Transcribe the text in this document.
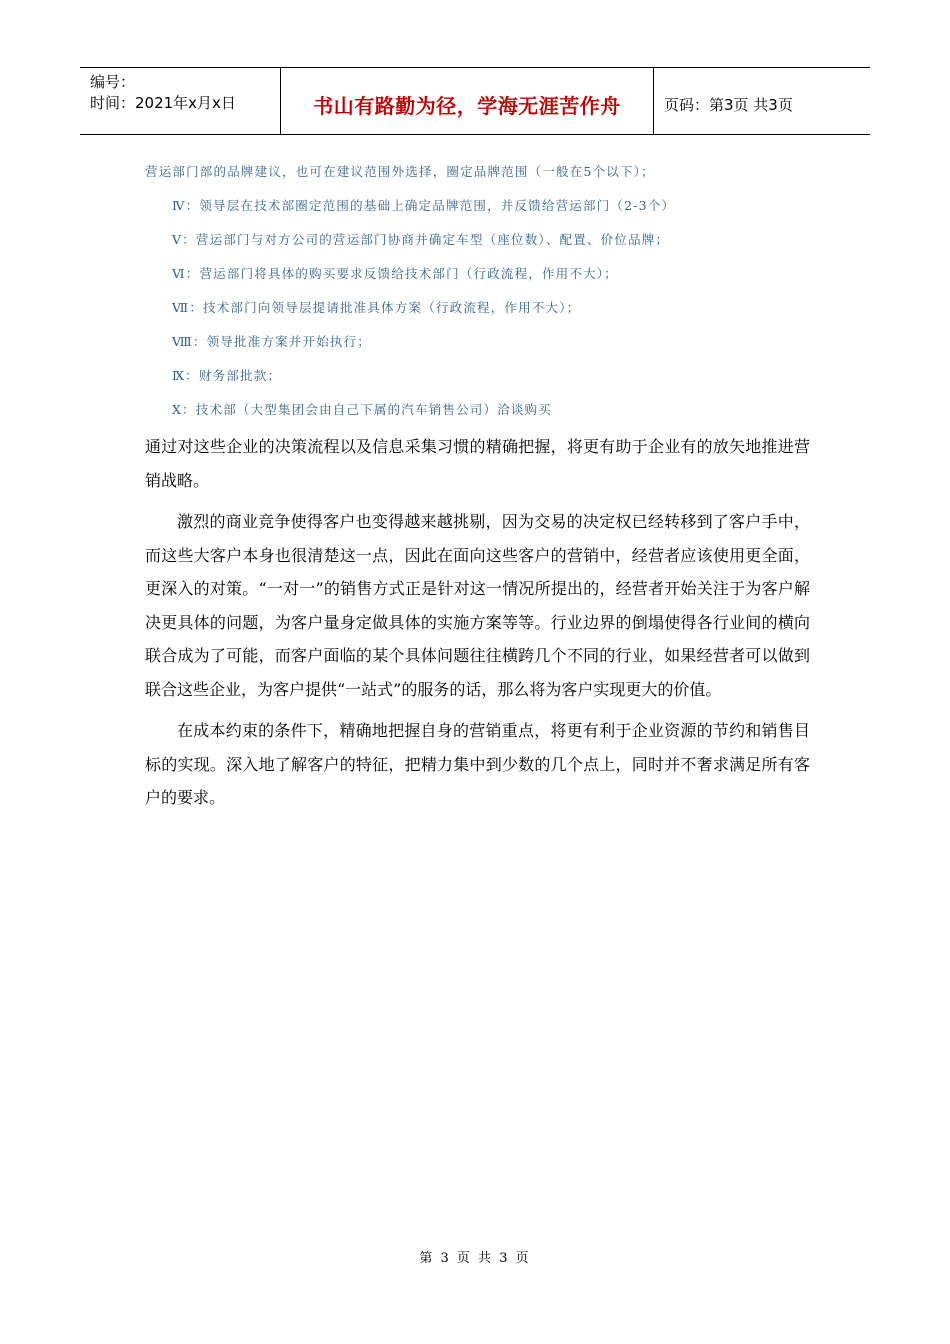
编号：
时间：2021年x月x日	书山有路勤为径，学海无涯苦作舟	页码：第3页 共3页
营运部门部的品牌建议，也可在建议范围外选择，圈定品牌范围（一般在5个以下）；
Ⅳ：领导层在技术部圈定范围的基础上确定品牌范围，并反馈给营运部门（2-3个）
Ⅴ：营运部门与对方公司的营运部门协商并确定车型（座位数）、配置、价位品牌；
Ⅵ：营运部门将具体的购买要求反馈给技术部门（行政流程，作用不大）；
Ⅶ：技术部门向领导层提请批准具体方案（行政流程，作用不大）；
Ⅷ：领导批准方案并开始执行；
Ⅸ：财务部批款；
Ⅹ：技术部（大型集团会由自己下属的汽车销售公司）洽谈购买

通过对这些企业的决策流程以及信息采集习惯的精确把握，将更有助于企业有的放矢地推进营销战略。

激烈的商业竞争使得客户也变得越来越挑剔，因为交易的决定权已经转移到了客户手中，而这些大客户本身也很清楚这一点，因此在面向这些客户的营销中，经营者应该使用更全面，更深入的对策。“一对一”的销售方式正是针对这一情况所提出的，经营者开始关注于为客户解决更具体的问题，为客户量身定做具体的实施方案等等。行业边界的倒塌使得各行业间的横向联合成为了可能，而客户面临的某个具体问题往往横跨几个不同的行业，如果经营者可以做到联合这些企业，为客户提供“一站式”的服务的话，那么将为客户实现更大的价值。

在成本约束的条件下，精确地把握自身的营销重点，将更有利于企业资源的节约和销售目标的实现。深入地了解客户的特征，把精力集中到少数的几个点上，同时并不奢求满足所有客户的要求。

第 3 页 共 3 页
